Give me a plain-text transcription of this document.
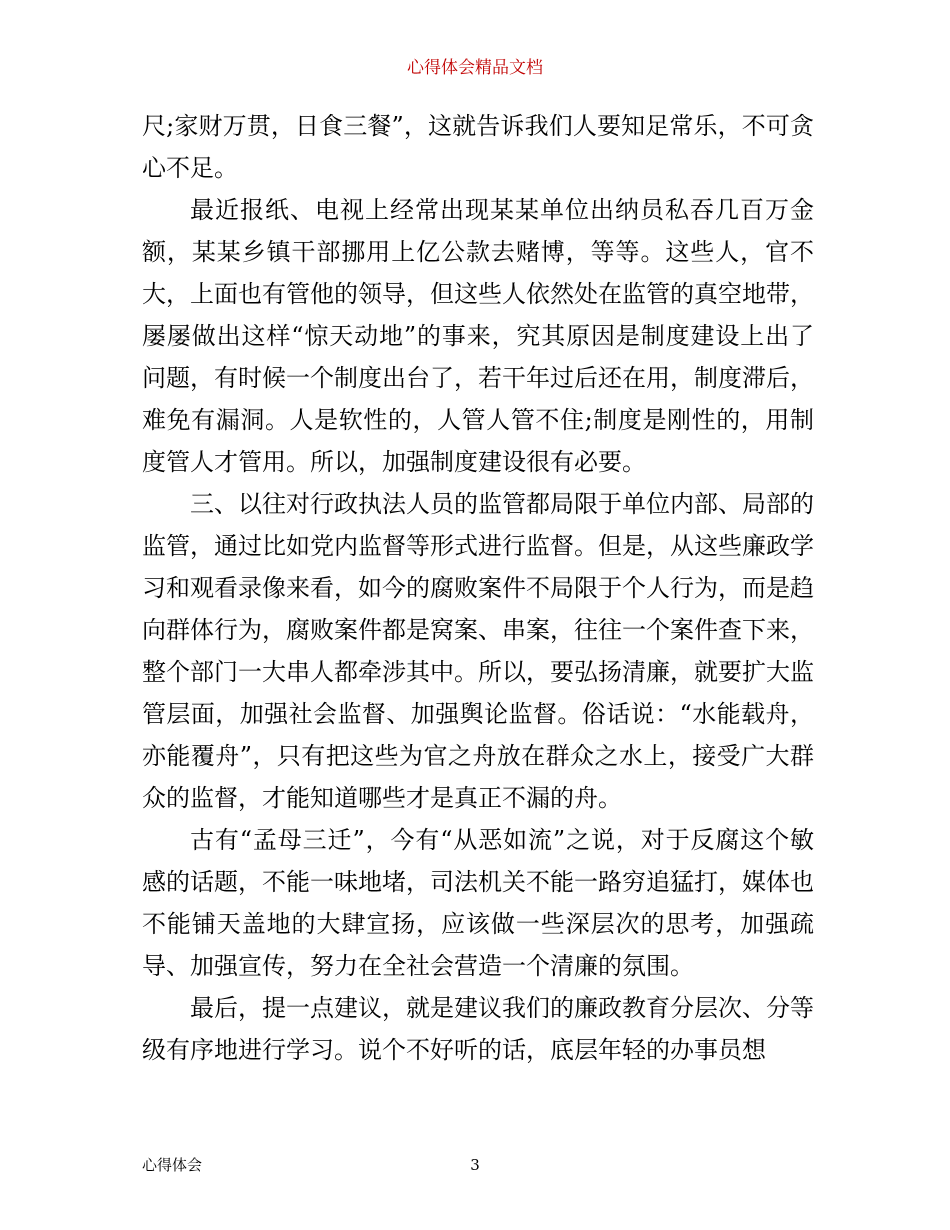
心得体会精品文档

尺;家财万贯，日食三餐”，这就告诉我们人要知足常乐，不可贪心不足。

最近报纸、电视上经常出现某某单位出纳员私吞几百万金额，某某乡镇干部挪用上亿公款去赌博，等等。这些人，官不大，上面也有管他的领导，但这些人依然处在监管的真空地带，屡屡做出这样“惊天动地”的事来，究其原因是制度建设上出了问题，有时候一个制度出台了，若干年过后还在用，制度滞后，难免有漏洞。人是软性的，人管人管不住;制度是刚性的，用制度管人才管用。所以，加强制度建设很有必要。

三、以往对行政执法人员的监管都局限于单位内部、局部的监管，通过比如党内监督等形式进行监督。但是，从这些廉政学习和观看录像来看，如今的腐败案件不局限于个人行为，而是趋向群体行为，腐败案件都是窝案、串案，往往一个案件查下来，整个部门一大串人都牵涉其中。所以，要弘扬清廉，就要扩大监管层面，加强社会监督、加强舆论监督。俗话说：“水能载舟，亦能覆舟”，只有把这些为官之舟放在群众之水上，接受广大群众的监督，才能知道哪些才是真正不漏的舟。

古有“孟母三迁”，今有“从恶如流”之说，对于反腐这个敏感的话题，不能一味地堵，司法机关不能一路穷追猛打，媒体也不能铺天盖地的大肆宣扬，应该做一些深层次的思考，加强疏导、加强宣传，努力在全社会营造一个清廉的氛围。

最后，提一点建议，就是建议我们的廉政教育分层次、分等级有序地进行学习。说个不好听的话，底层年轻的办事员想

心得体会	3
